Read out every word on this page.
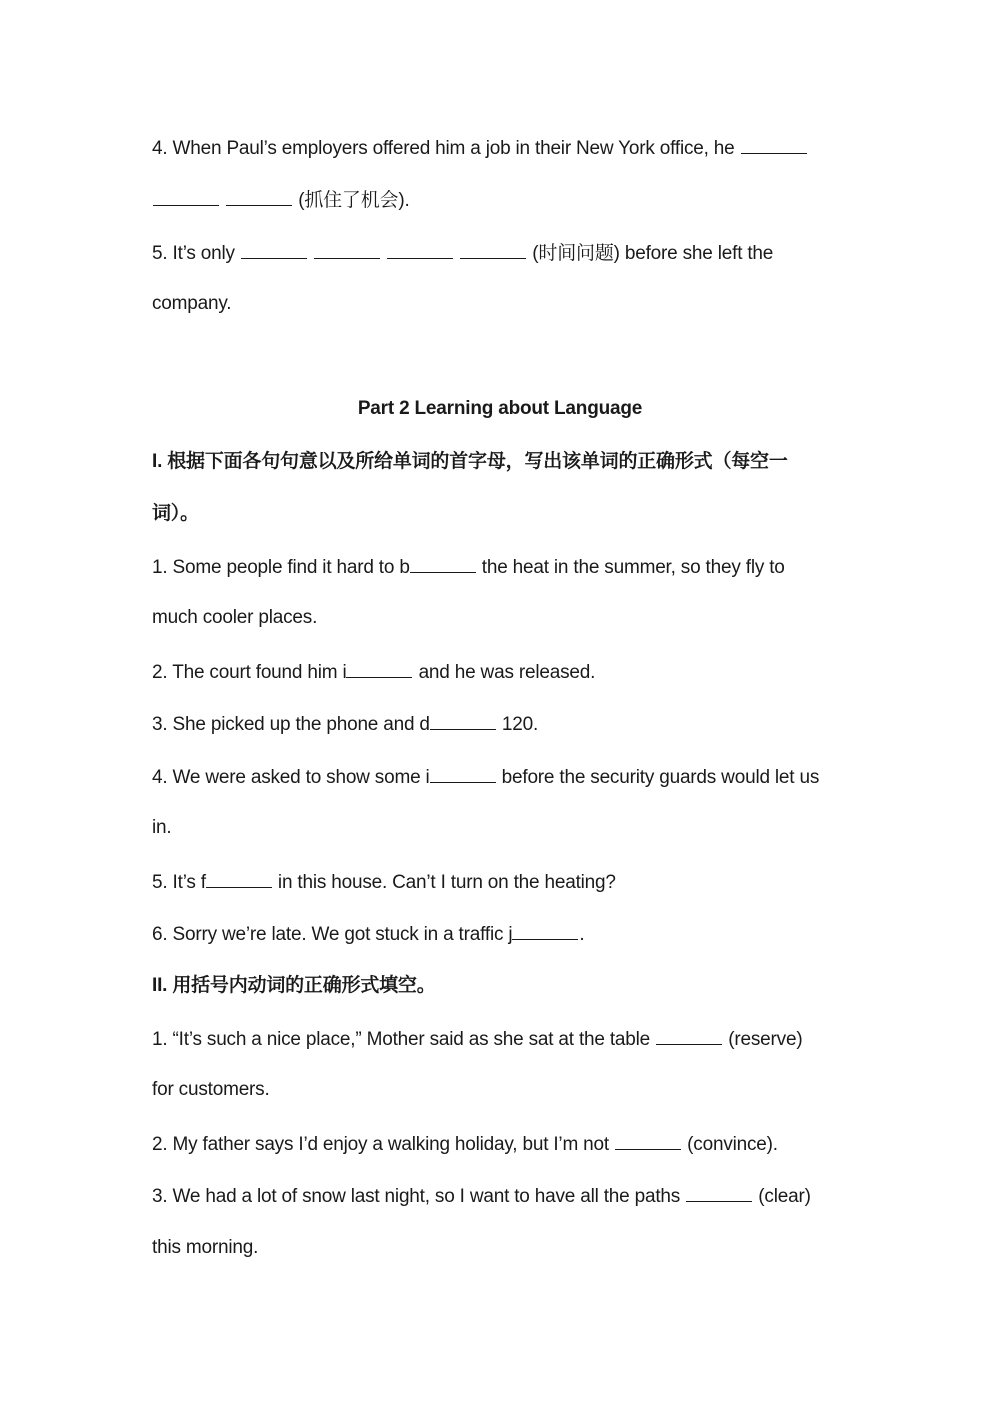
4. When Paul’s employers offered him a job in their New York office, he
(抓住了机会).
5. It’s only	(时间问题) before she left the
company.
Part 2 Learning about Language
I. 根据下面各句句意以及所给单词的首字母，写出该单词的正确形式（每空一
词）。
1. Some people find it hard to b	the heat in the summer, so they fly to
much cooler places.
2. The court found him i	and he was released.
3. She picked up the phone and d	120.
4. We were asked to show some i	before the security guards would let us
in.
5. It’s f	in this house. Can’t I turn on the heating?
6. Sorry we’re late. We got stuck in a traffic j	.
II. 用括号内动词的正确形式填空。
1. “It’s such a nice place,” Mother said as she sat at the table	(reserve)
for customers.
2. My father says I’d enjoy a walking holiday, but I’m not	(convince).
3. We had a lot of snow last night, so I want to have all the paths	(clear)
this morning.
